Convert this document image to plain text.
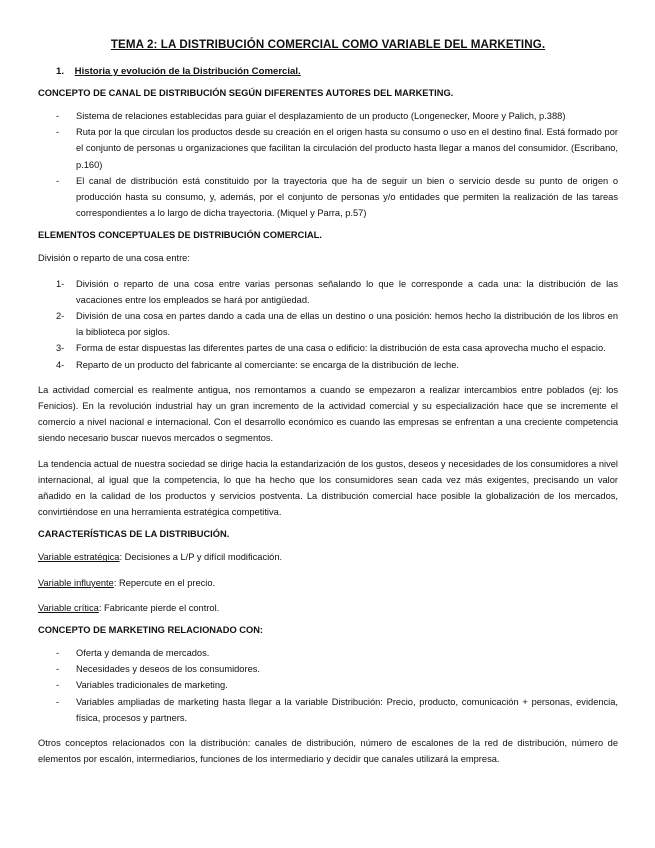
TEMA 2: LA DISTRIBUCIÓN COMERCIAL COMO VARIABLE DEL MARKETING.
1. Historia y evolución de la Distribución Comercial.
CONCEPTO DE CANAL DE DISTRIBUCIÓN SEGÚN DIFERENTES AUTORES DEL MARKETING.
- Sistema de relaciones establecidas para guiar el desplazamiento de un producto (Longenecker, Moore y Palich, p.388)
- Ruta por la que circulan los productos desde su creación en el origen hasta su consumo o uso en el destino final. Está formado por el conjunto de personas u organizaciones que facilitan la circulación del producto hasta llegar a manos del consumidor. (Escribano, p.160)
- El canal de distribución está constituido por la trayectoria que ha de seguir un bien o servicio desde su punto de origen o producción hasta su consumo, y, además, por el conjunto de personas y/o entidades que permiten la realización de las tareas correspondientes a lo largo de dicha trayectoria. (Miquel y Parra, p.57)
ELEMENTOS CONCEPTUALES DE DISTRIBUCIÓN COMERCIAL.

División o reparto de una cosa entre:

1- División o reparto de una cosa entre varias personas señalando lo que le corresponde a cada una: la distribución de las vacaciones entre los empleados se hará por antigüedad.
2- División de una cosa en partes dando a cada una de ellas un destino o una posición: hemos hecho la distribución de los libros en la biblioteca por siglos.
3- Forma de estar dispuestas las diferentes partes de una casa o edificio: la distribución de esta casa aprovecha mucho el espacio.
4- Reparto de un producto del fabricante al comerciante: se encarga de la distribución de leche.

La actividad comercial es realmente antigua, nos remontamos a cuando se empezaron a realizar intercambios entre poblados (ej: los Fenicios). En la revolución industrial hay un gran incremento de la actividad comercial y su especialización hace que se incremente el comercio a nivel nacional e internacional. Con el desarrollo económico es cuando las empresas se enfrentan a una creciente competencia siendo necesario buscar nuevos mercados o segmentos.

La tendencia actual de nuestra sociedad se dirige hacia la estandarización de los gustos, deseos y necesidades de los consumidores a nivel internacional, al igual que la competencia, lo que ha hecho que los consumidores sean cada vez más exigentes, precisando un valor añadido en la calidad de los productos y servicios postventa. La distribución comercial hace posible la globalización de los mercados, convirtiéndose en una herramienta estratégica competitiva.

CARACTERÍSTICAS DE LA DISTRIBUCIÓN.

Variable estratégica: Decisiones a L/P y difícil modificación.

Variable influyente: Repercute en el precio.

Variable crítica: Fabricante pierde el control.

CONCEPTO DE MARKETING RELACIONADO CON:
- Oferta y demanda de mercados.
- Necesidades y deseos de los consumidores.
- Variables tradicionales de marketing.
- Variables ampliadas de marketing hasta llegar a la variable Distribución: Precio, producto, comunicación + personas, evidencia, física, procesos y partners.

Otros conceptos relacionados con la distribución: canales de distribución, número de escalones de la red de distribución, número de elementos por escalón, intermediarios, funciones de los intermediario y decidir que canales utilizará la empresa.
